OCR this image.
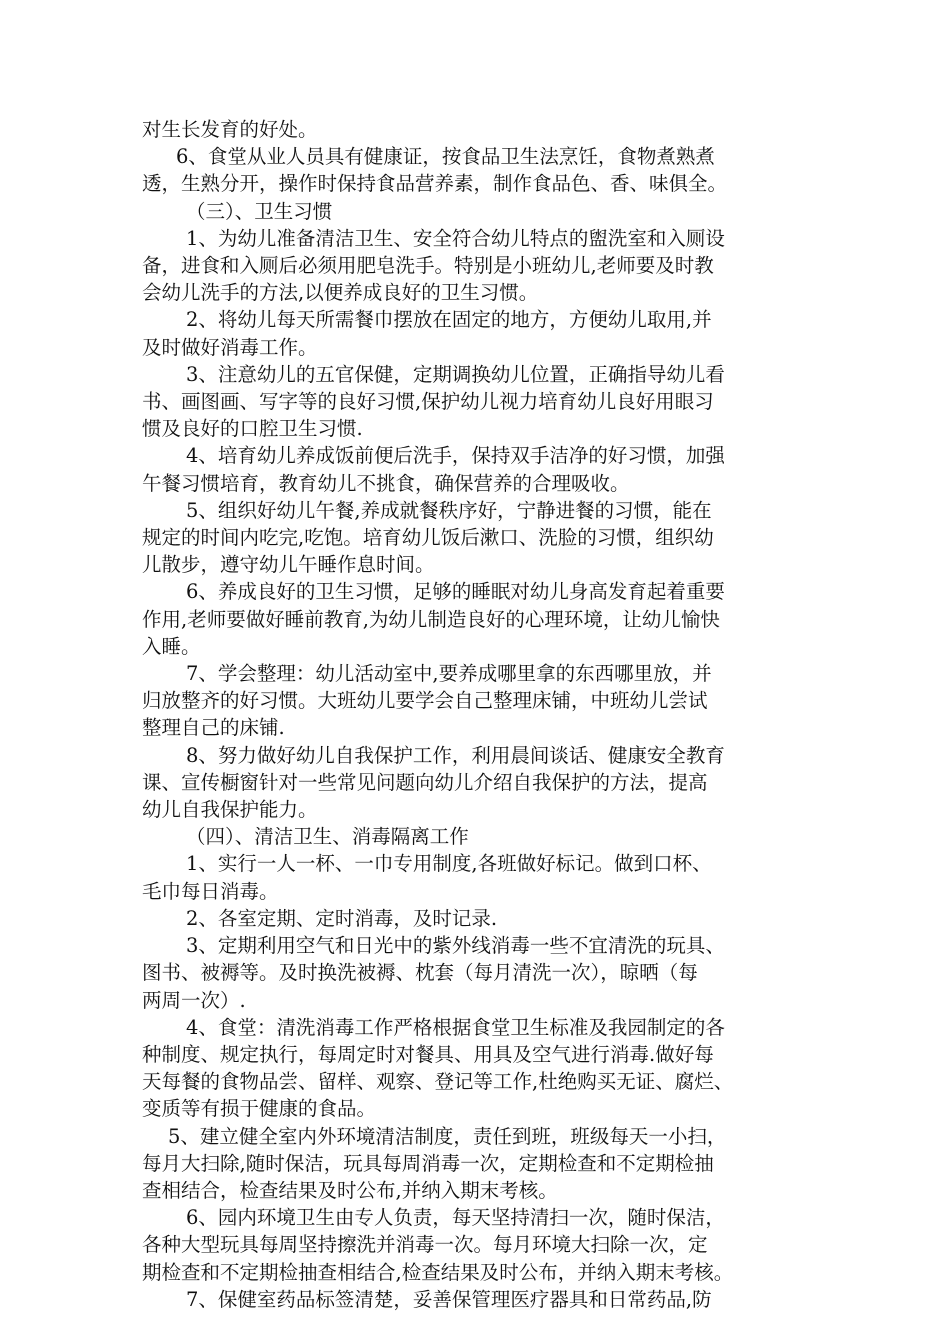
对生长发育的好处。
6、食堂从业人员具有健康证，按食品卫生法烹饪，食物煮熟煮
透，生熟分开，操作时保持食品营养素，制作食品色、香、味俱全。
（三）、卫生习惯
1、为幼儿准备清洁卫生、安全符合幼儿特点的盥洗室和入厕设
备，进食和入厕后必须用肥皂洗手。特别是小班幼儿,老师要及时教
会幼儿洗手的方法,以便养成良好的卫生习惯。
2、将幼儿每天所需餐巾摆放在固定的地方，方便幼儿取用,并
及时做好消毒工作。
3、注意幼儿的五官保健，定期调换幼儿位置，正确指导幼儿看
书、画图画、写字等的良好习惯,保护幼儿视力培育幼儿良好用眼习
惯及良好的口腔卫生习惯.
4、培育幼儿养成饭前便后洗手，保持双手洁净的好习惯，加强
午餐习惯培育，教育幼儿不挑食，确保营养的合理吸收。
5、组织好幼儿午餐,养成就餐秩序好，宁静进餐的习惯，能在
规定的时间内吃完,吃饱。培育幼儿饭后漱口、洗脸的习惯，组织幼
儿散步，遵守幼儿午睡作息时间。
6、养成良好的卫生习惯，足够的睡眠对幼儿身高发育起着重要
作用,老师要做好睡前教育,为幼儿制造良好的心理环境，让幼儿愉快
入睡。
7、学会整理：幼儿活动室中,要养成哪里拿的东西哪里放，并
归放整齐的好习惯。大班幼儿要学会自己整理床铺，中班幼儿尝试
整理自己的床铺.
8、努力做好幼儿自我保护工作，利用晨间谈话、健康安全教育
课、宣传橱窗针对一些常见问题向幼儿介绍自我保护的方法，提高
幼儿自我保护能力。
（四）、清洁卫生、消毒隔离工作
1、实行一人一杯、一巾专用制度,各班做好标记。做到口杯、
毛巾每日消毒。
2、各室定期、定时消毒，及时记录.
3、定期利用空气和日光中的紫外线消毒一些不宜清洗的玩具、
图书、被褥等。及时换洗被褥、枕套（每月清洗一次），晾晒（每
两周一次）.
4、食堂：清洗消毒工作严格根据食堂卫生标准及我园制定的各
种制度、规定执行，每周定时对餐具、用具及空气进行消毒.做好每
天每餐的食物品尝、留样、观察、登记等工作,杜绝购买无证、腐烂、
变质等有损于健康的食品。
5、建立健全室内外环境清洁制度，责任到班，班级每天一小扫，
每月大扫除,随时保洁，玩具每周消毒一次，定期检查和不定期检抽
查相结合，检查结果及时公布,并纳入期末考核。
6、园内环境卫生由专人负责，每天坚持清扫一次，随时保洁，
各种大型玩具每周坚持擦洗并消毒一次。每月环境大扫除一次，定
期检查和不定期检抽查相结合,检查结果及时公布，并纳入期末考核。
7、保健室药品标签清楚，妥善保管理医疗器具和日常药品,防
